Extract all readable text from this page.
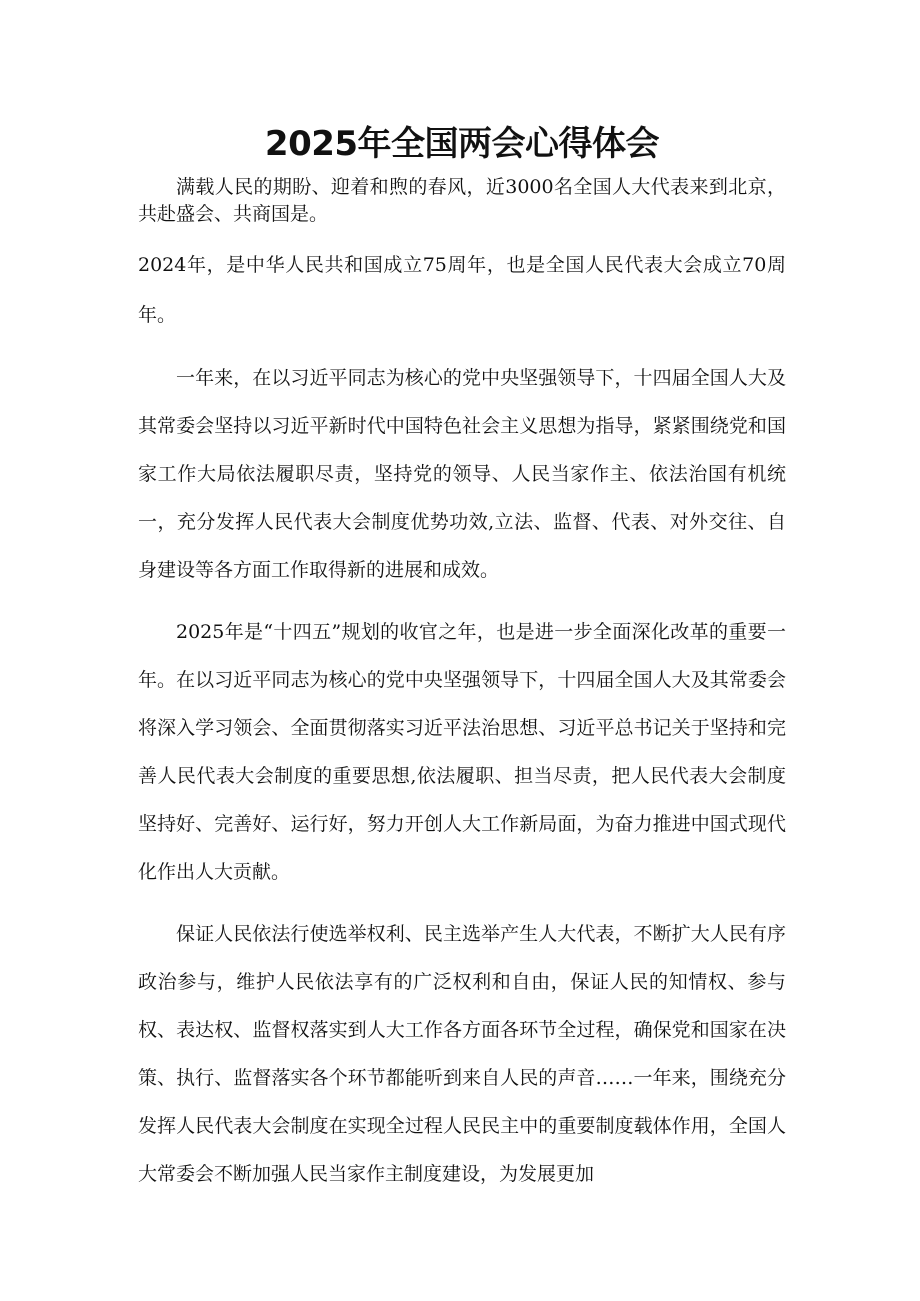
2025年全国两会心得体会

满载人民的期盼、迎着和煦的春风，近3000名全国人大代表来到北京，共赴盛会、共商国是。

2024年，是中华人民共和国成立75周年，也是全国人民代表大会成立70周年。

一年来，在以习近平同志为核心的党中央坚强领导下，十四届全国人大及其常委会坚持以习近平新时代中国特色社会主义思想为指导，紧紧围绕党和国家工作大局依法履职尽责，坚持党的领导、人民当家作主、依法治国有机统一，充分发挥人民代表大会制度优势功效,立法、监督、代表、对外交往、自身建设等各方面工作取得新的进展和成效。

2025年是“十四五”规划的收官之年，也是进一步全面深化改革的重要一年。在以习近平同志为核心的党中央坚强领导下，十四届全国人大及其常委会将深入学习领会、全面贯彻落实习近平法治思想、习近平总书记关于坚持和完善人民代表大会制度的重要思想,依法履职、担当尽责，把人民代表大会制度坚持好、完善好、运行好，努力开创人大工作新局面，为奋力推进中国式现代化作出人大贡献。

保证人民依法行使选举权利、民主选举产生人大代表，不断扩大人民有序政治参与，维护人民依法享有的广泛权利和自由，保证人民的知情权、参与权、表达权、监督权落实到人大工作各方面各环节全过程，确保党和国家在决策、执行、监督落实各个环节都能听到来自人民的声音……一年来，围绕充分发挥人民代表大会制度在实现全过程人民民主中的重要制度载体作用，全国人大常委会不断加强人民当家作主制度建设，为发展更加
